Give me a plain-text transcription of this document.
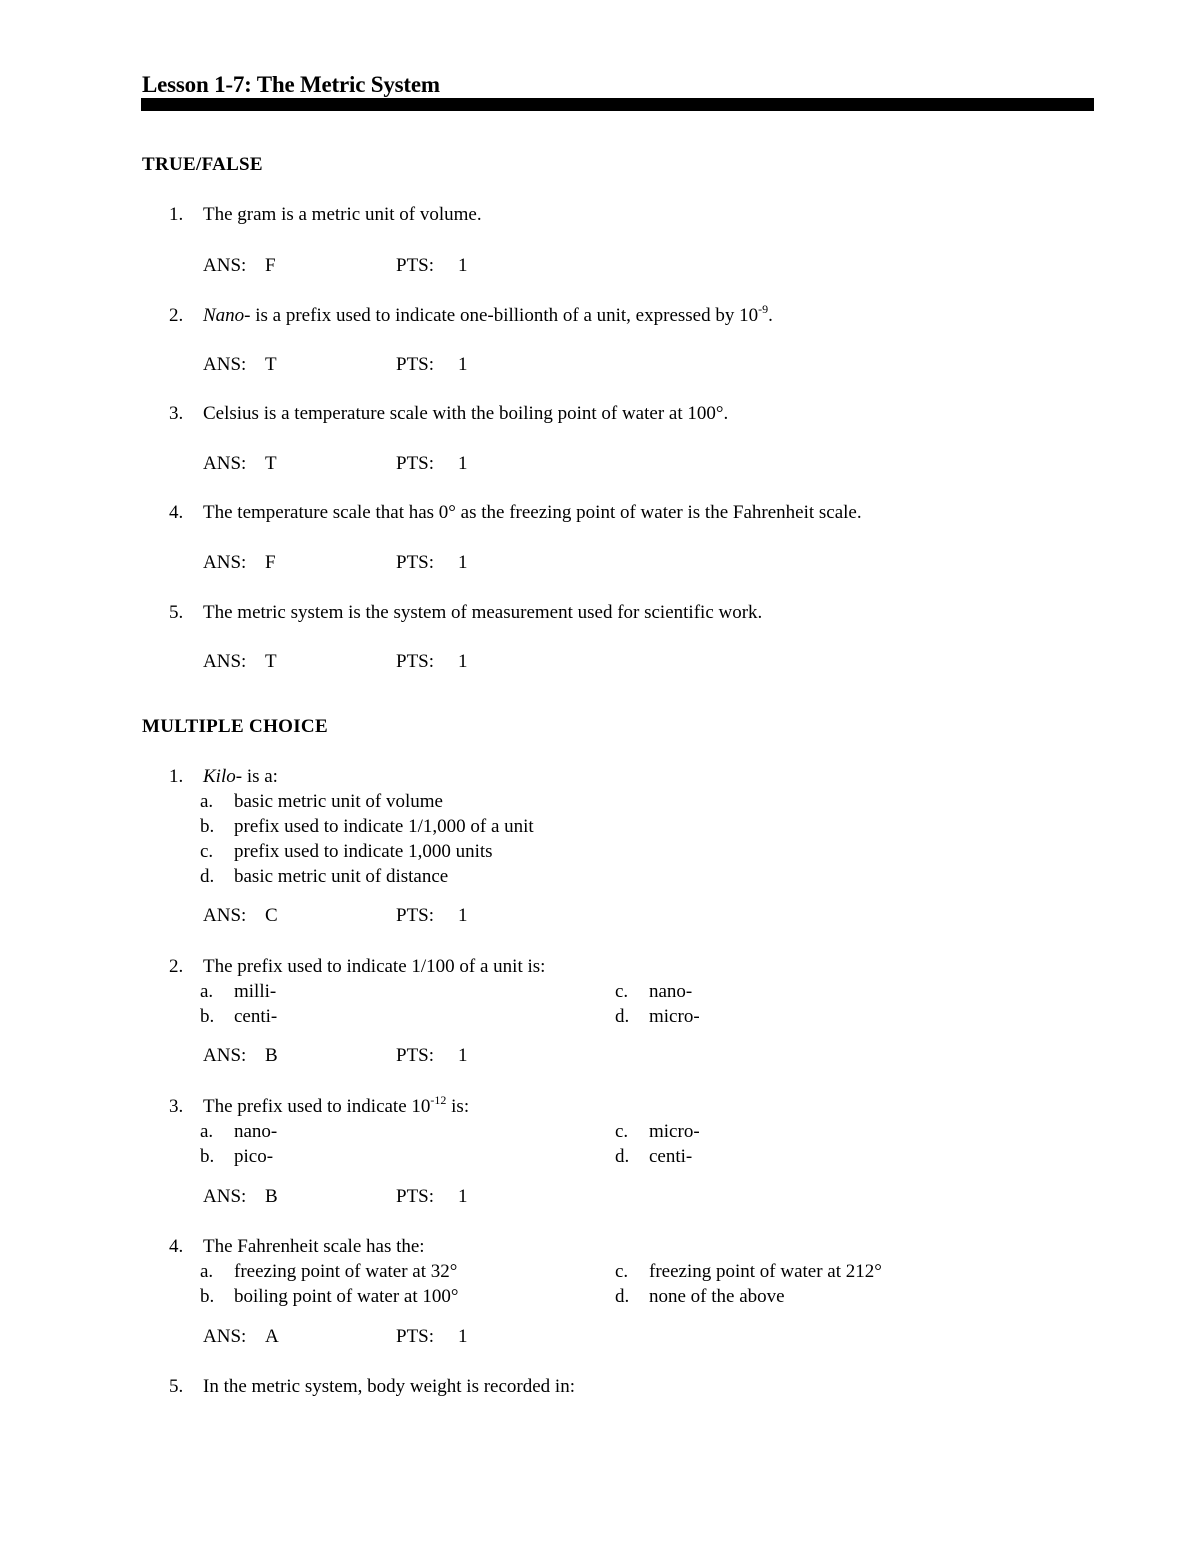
Lesson 1-7: The Metric System
TRUE/FALSE
1. The gram is a metric unit of volume.
ANS: F	PTS: 1
2. Nano- is a prefix used to indicate one-billionth of a unit, expressed by $10^{-9}$.
ANS: T	PTS: 1
3. Celsius is a temperature scale with the boiling point of water at 100°.
ANS: T	PTS: 1
4. The temperature scale that has 0° as the freezing point of water is the Fahrenheit scale.
ANS: F	PTS: 1
5. The metric system is the system of measurement used for scientific work.
ANS: T	PTS: 1
MULTIPLE CHOICE
1. Kilo- is a:
a. basic metric unit of volume
b. prefix used to indicate 1/1,000 of a unit
c. prefix used to indicate 1,000 units
d. basic metric unit of distance
ANS: C	PTS: 1
2. The prefix used to indicate 1/100 of a unit is:
a. milli-	c. nano-
b. centi-	d. micro-
ANS: B	PTS: 1
3. The prefix used to indicate $10^{-12}$ is:
a. nano-	c. micro-
b. pico-	d. centi-
ANS: B	PTS: 1
4. The Fahrenheit scale has the:
a. freezing point of water at 32°	c. freezing point of water at 212°
b. boiling point of water at 100°	d. none of the above
ANS: A	PTS: 1
5. In the metric system, body weight is recorded in:
